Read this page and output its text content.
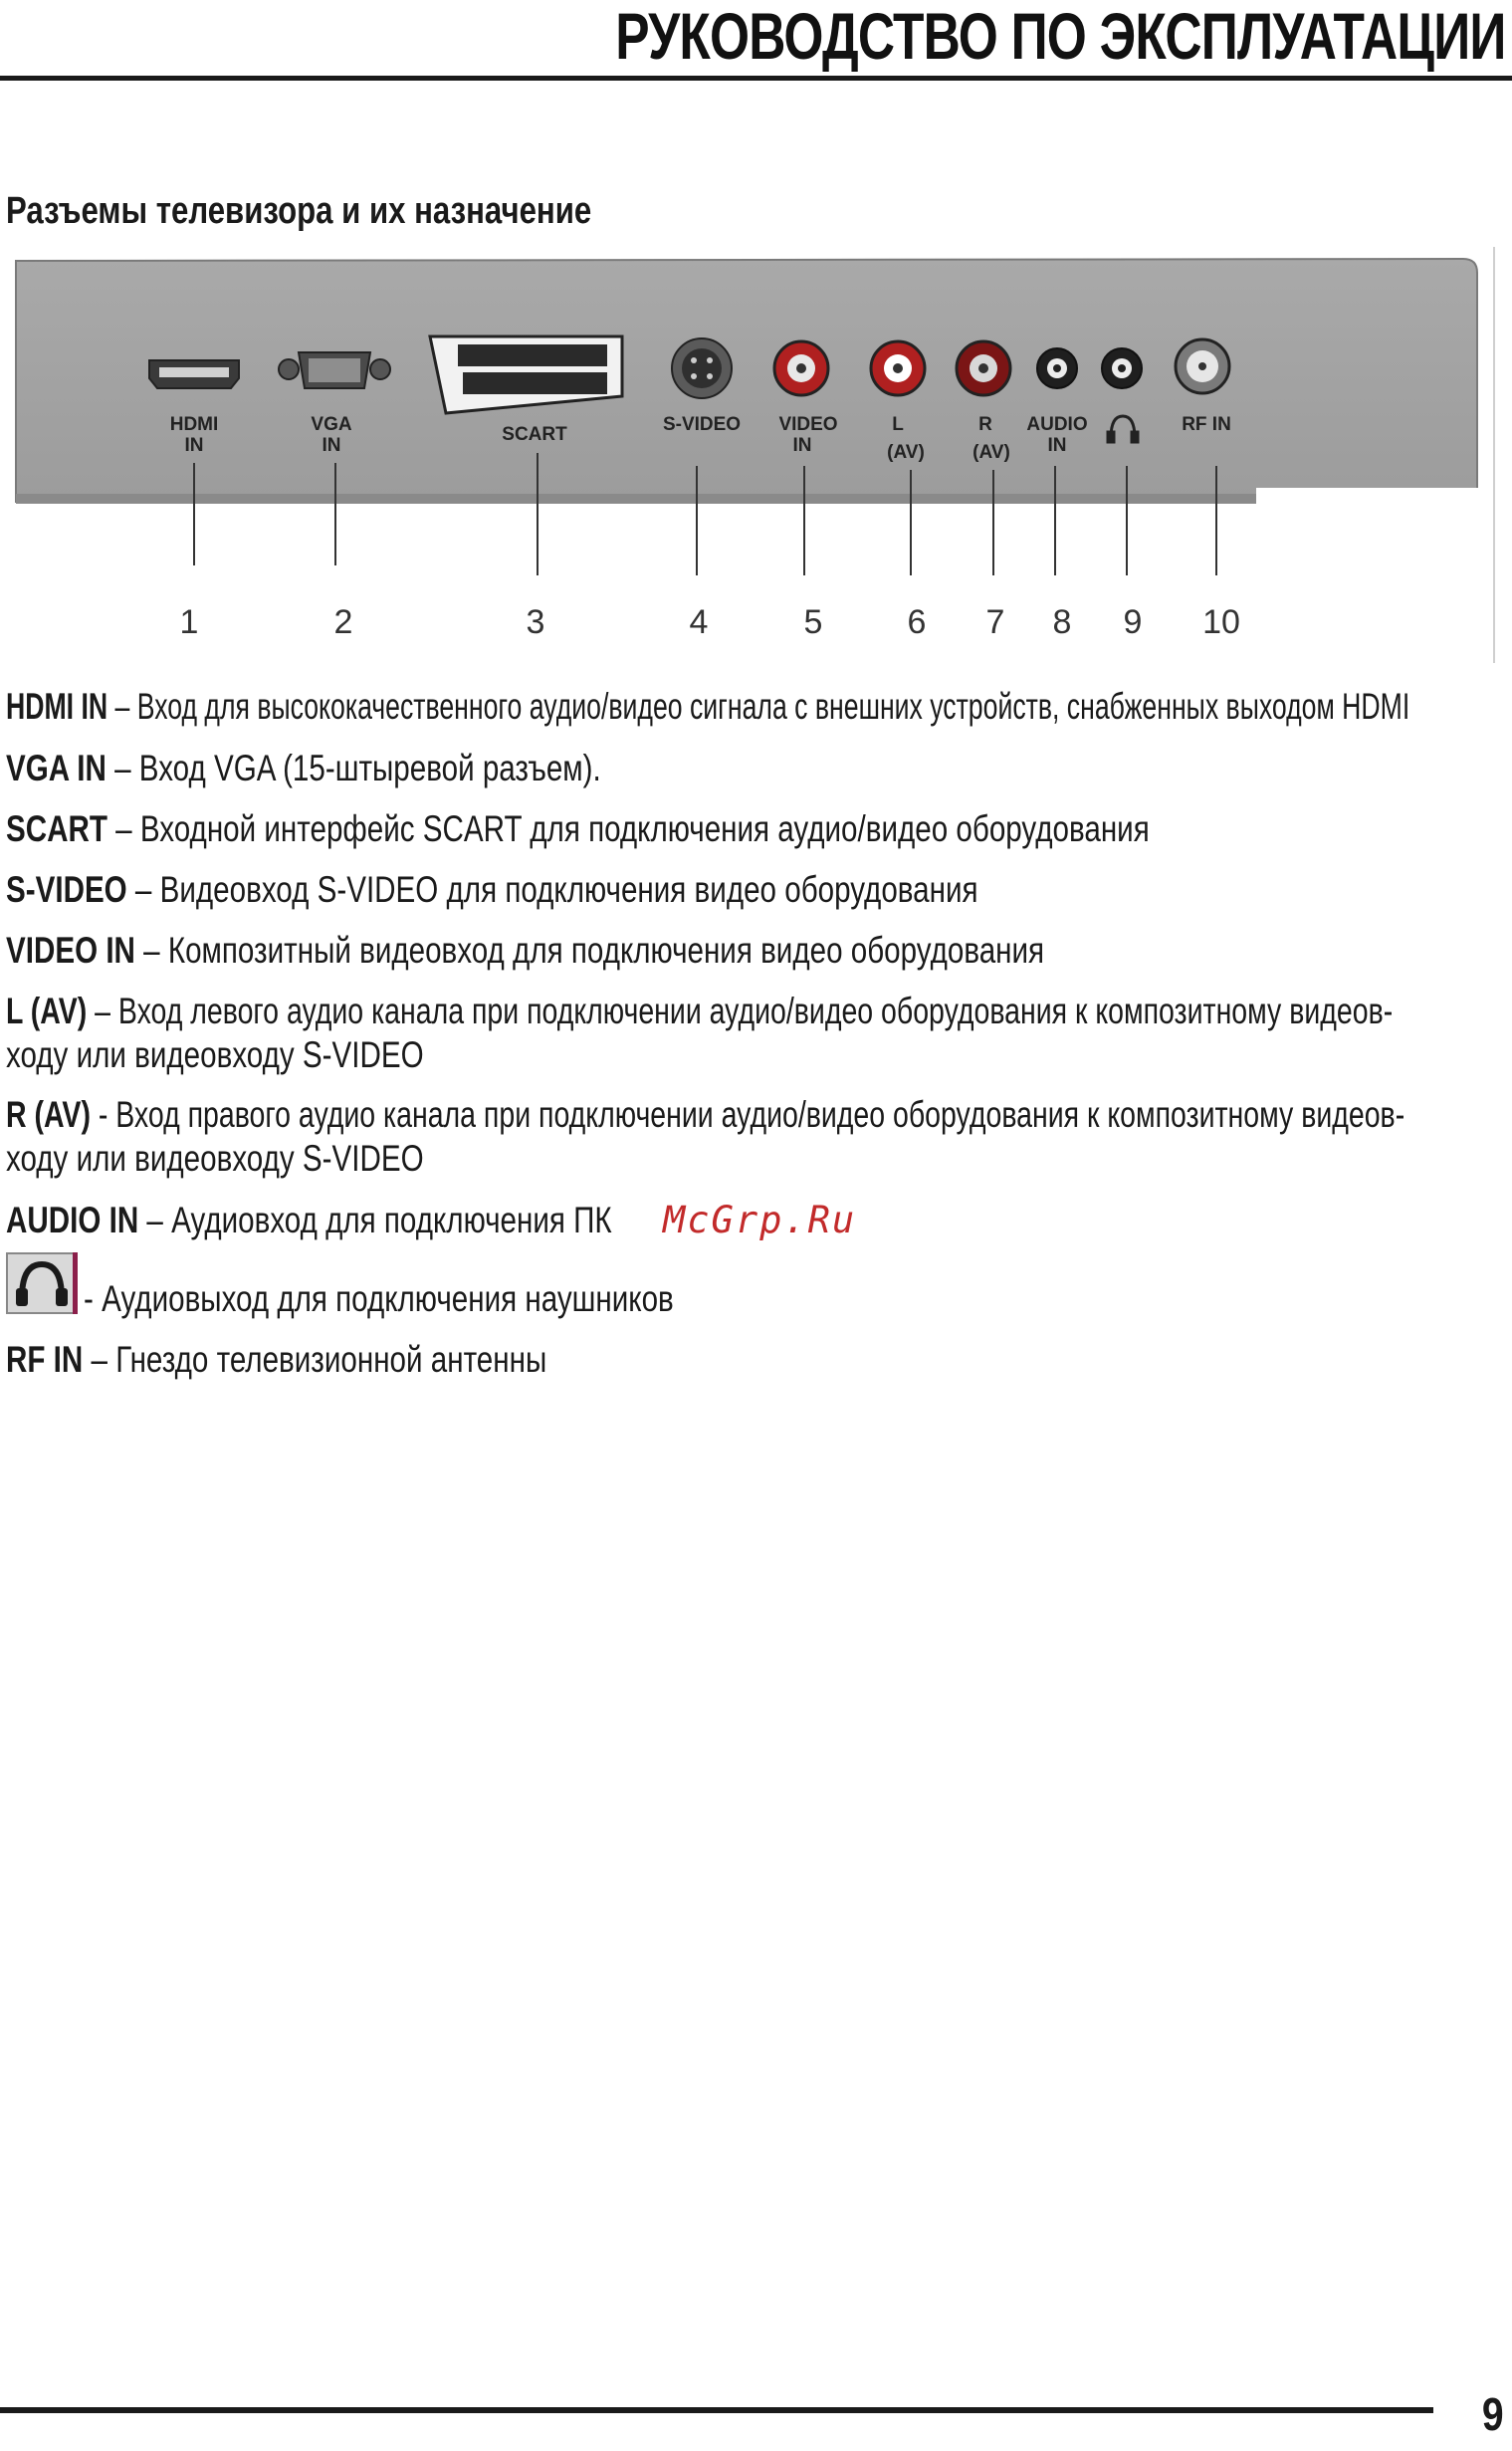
РУКОВОДСТВО ПО ЭКСПЛУАТАЦИИ
Разъемы телевизора и их назначение
HDMI
IN
VGA
IN
SCART	S-VIDEO VIDEO
IN
L
(AV)
R
(AV)
AUDIO
IN
RF IN
1	2	3	4	5	6 7 8 9 10
HDMI IN – Вход для высококачественного аудио/видео сигнала с внешних устройств, снабженных выходом HDMI
VGA IN – Вход VGA (15-штыревой разъем).
SCART – Входной интерфейс SCART для подключения аудио/видео оборудования
S-VIDEO – Видеовход S-VIDEO для подключения видео оборудования
VIDEO IN – Композитный видеовход для подключения видео оборудования
L (AV) – Вход левого аудио канала при подключении аудио/видео оборудования к композитному видеов-
ходу или видеовходу S-VIDEO
R (AV) - Вход правого аудио канала при подключении аудио/видео оборудования к композитному видеов-
ходу или видеовходу S-VIDEO
AUDIO IN – Аудиовход для подключения ПК McGrp.Ru
- Аудиовыход для подключения наушников
RF IN – Гнездо телевизионной антенны
9
